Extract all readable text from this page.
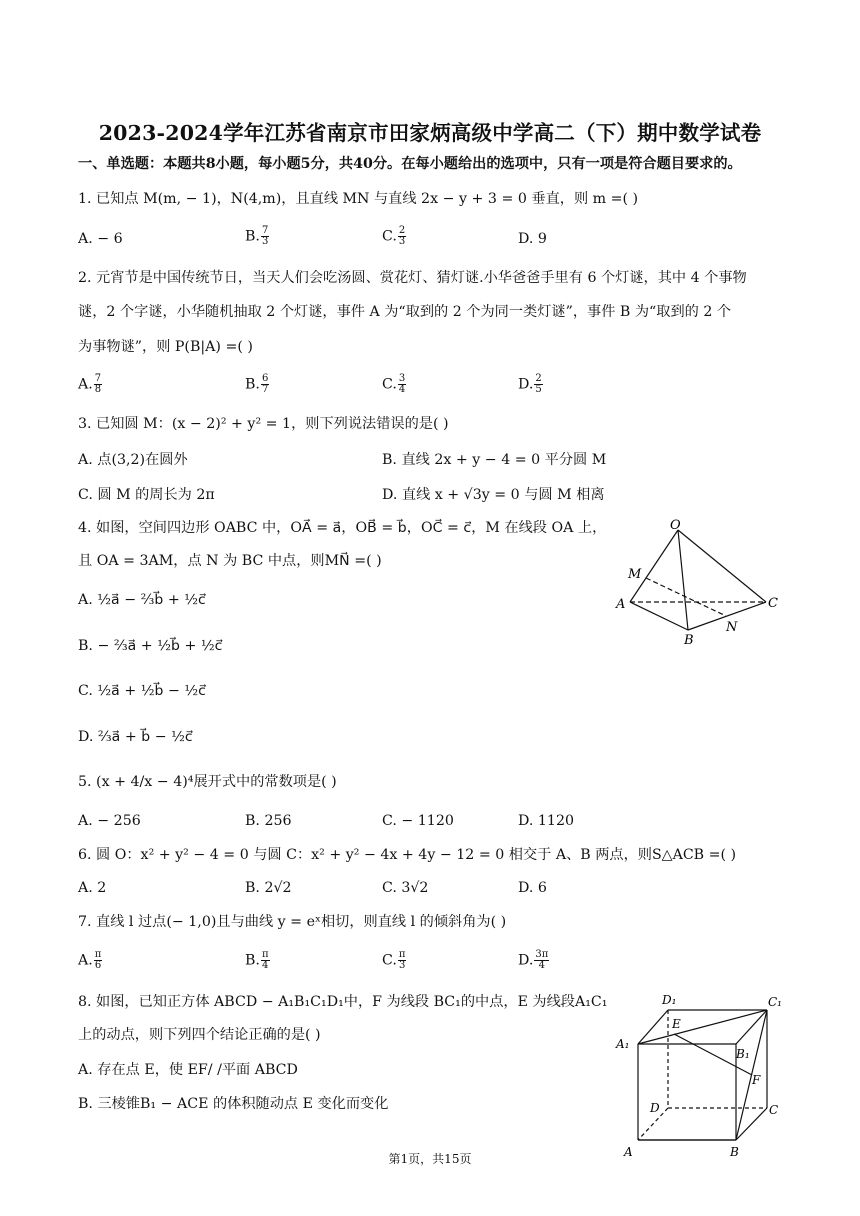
2023-2024学年江苏省南京市田家炳高级中学高二（下）期中数学试卷
一、单选题：本题共8小题，每小题5分，共40分。在每小题给出的选项中，只有一项是符合题目要求的。
1. 已知点 M(m, − 1)，N(4,m)，且直线 MN 与直线 2x − y + 3 = 0 垂直，则 m =( )
A. − 6	B. $\frac{7}{3}$	C. $\frac{2}{3}$	D. 9
2. 元宵节是中国传统节日，当天人们会吃汤圆、赏花灯、猜灯谜.小华爸爸手里有 6 个灯谜，其中 4 个事物
谜，2 个字谜，小华随机抽取 2 个灯谜，事件 A 为“取到的 2 个为同一类灯谜”，事件 B 为“取到的 2 个
为事物谜”，则 P(B|A) =( )
A. $\frac{7}{8}$	B. $\frac{6}{7}$	C. $\frac{3}{4}$	D. $\frac{2}{5}$
3. 已知圆 M：(x − 2)² + y² = 1，则下列说法错误的是( )
A. 点(3,2)在圆外	B. 直线 2x + y − 4 = 0 平分圆 M
C. 圆 M 的周长为 2π	D. 直线 x + √3y = 0 与圆 M 相离
4. 如图，空间四边形 OABC 中，OA⃗ = a⃗，OB⃗ = b⃗，OC⃗ = c⃗，M 在线段 OA 上，
且 OA = 3AM，点 N 为 BC 中点，则MN⃗ =( )
A. ½a⃗ − ⅔b⃗ + ½c⃗
B. − ⅔a⃗ + ½b⃗ + ½c⃗
C. ½a⃗ + ½b⃗ − ½c⃗
D. ⅔a⃗ + b⃗ − ½c⃗
O
M
A
B
N
C
5. (x + 4/x − 4)⁴展开式中的常数项是( )
A. − 256	B. 256	C. − 1120	D. 1120
6. 圆 O：x² + y² − 4 = 0 与圆 C：x² + y² − 4x + 4y − 12 = 0 相交于 A、B 两点，则S△ACB =( )
A. 2	B. 2√2	C. 3√2	D. 6
7. 直线 l 过点(− 1,0)且与曲线 y = eˣ相切，则直线 l 的倾斜角为( )
A. $\frac{\pi}{6}$	B. $\frac{\pi}{4}$	C. $\frac{\pi}{3}$	D. $\frac{3\pi}{4}$
8. 如图，已知正方体 ABCD − A₁B₁C₁D₁中，F 为线段 BC₁的中点，E 为线段A₁C₁
上的动点，则下列四个结论正确的是( )
A. 存在点 E，使 EF/ /平面 ABCD
B. 三棱锥B₁ − ACE 的体积随动点 E 变化而变化
D₁	C₁
A₁
E
B₁
F
D	C
A	B
第1页，共15页
